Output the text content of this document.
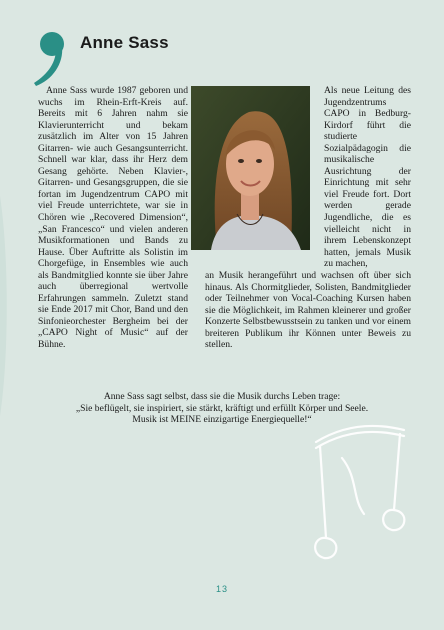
Anne Sass

Anne Sass wurde 1987 geboren und wuchs im Rhein-Erft-Kreis auf. Bereits mit 6 Jahren nahm sie Klavierunterricht und bekam zusätzlich im Alter von 15 Jahren Gitarren- wie auch Gesangsunterricht. Schnell war klar, dass ihr Herz dem Gesang gehörte. Neben Klavier-, Gitarren- und Gesangsgruppen, die sie fortan im Jugendzentrum CAPO mit viel Freude unterrichtete, war sie in Chören wie „Recovered Dimension“, „San Francesco“ und vielen anderen Musikformationen und Bands zu Hause. Über Auftritte als Solistin im Chorgefüge, in Ensembles wie auch als Bandmitglied konnte sie über Jahre auch überregional wertvolle Erfahrungen sammeln. Zuletzt stand sie Ende 2017 mit Chor, Band und den Sinfonieorchester Bergheim bei der „CAPO Night of Music“ auf der Bühne.

Als neue Leitung des Jugendzentrums CAPO in Bedburg-Kirdorf führt die studierte Sozialpädagogin die musikalische Ausrichtung der Einrichtung mit sehr viel Freude fort. Dort werden gerade Jugendliche, die es vielleicht nicht in ihrem Lebenskonzept hatten, jemals Musik zu machen,

an Musik herangeführt und wachsen oft über sich hinaus. Als Chormitglieder, Solisten, Bandmitglieder oder Teilnehmer von Vocal-Coaching Kursen haben sie die Möglichkeit, im Rahmen kleinerer und großer Konzerte Selbstbewusstsein zu tanken und vor einem breiteren Publikum ihr Können unter Beweis zu stellen.

Anne Sass sagt selbst, dass sie die Musik durchs Leben trage:

„Sie beflügelt, sie inspiriert, sie stärkt, kräftigt und erfüllt Körper und Seele.

Musik ist MEINE einzigartige Energiequelle!“

13
